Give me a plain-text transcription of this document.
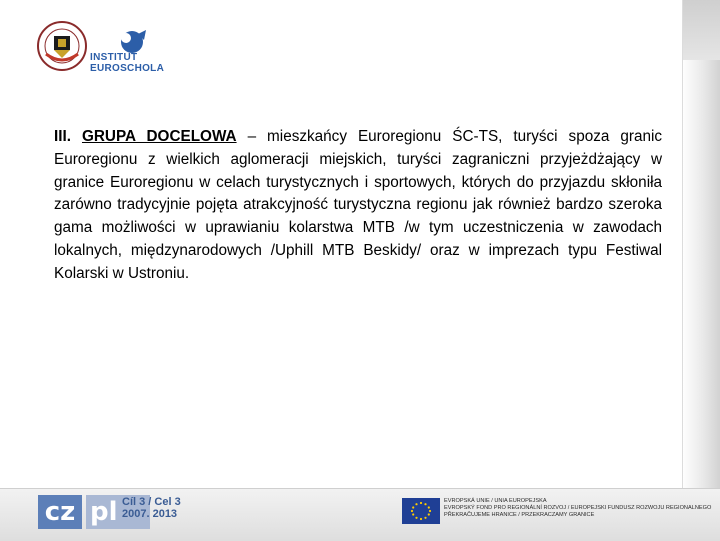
INSTITUT
EUROSCHOLA
III. GRUPA DOCELOWA – mieszkańcy Euroregionu ŚC-TS, turyści spoza granic Euroregionu z wielkich aglomeracji miejskich, turyści zagraniczni przyjeżdżający w granice Euroregionu w celach turystycznych i sportowych, których do przyjazdu skłoniła zarówno tradycyjnie pojęta atrakcyjność turystyczna regionu jak również bardzo szeroka gama możliwości w uprawianiu kolarstwa MTB /w tym uczestniczenia w zawodach lokalnych, międzynarodowych /Uphill MTB Beskidy/ oraz w imprezach typu Festiwal Kolarski w Ustroniu.
cz pl Cíl 3 / Cel 3
2007. 2013
EVROPSKÁ UNIE / UNIA EUROPEJSKA
EVROPSKÝ FOND PRO REGIONÁLNÍ ROZVOJ / EUROPEJSKI FUNDUSZ ROZWOJU REGIONALNEGO
PŘEKRAČUJEME HRANICE / PRZEKRACZAMY GRANICE
